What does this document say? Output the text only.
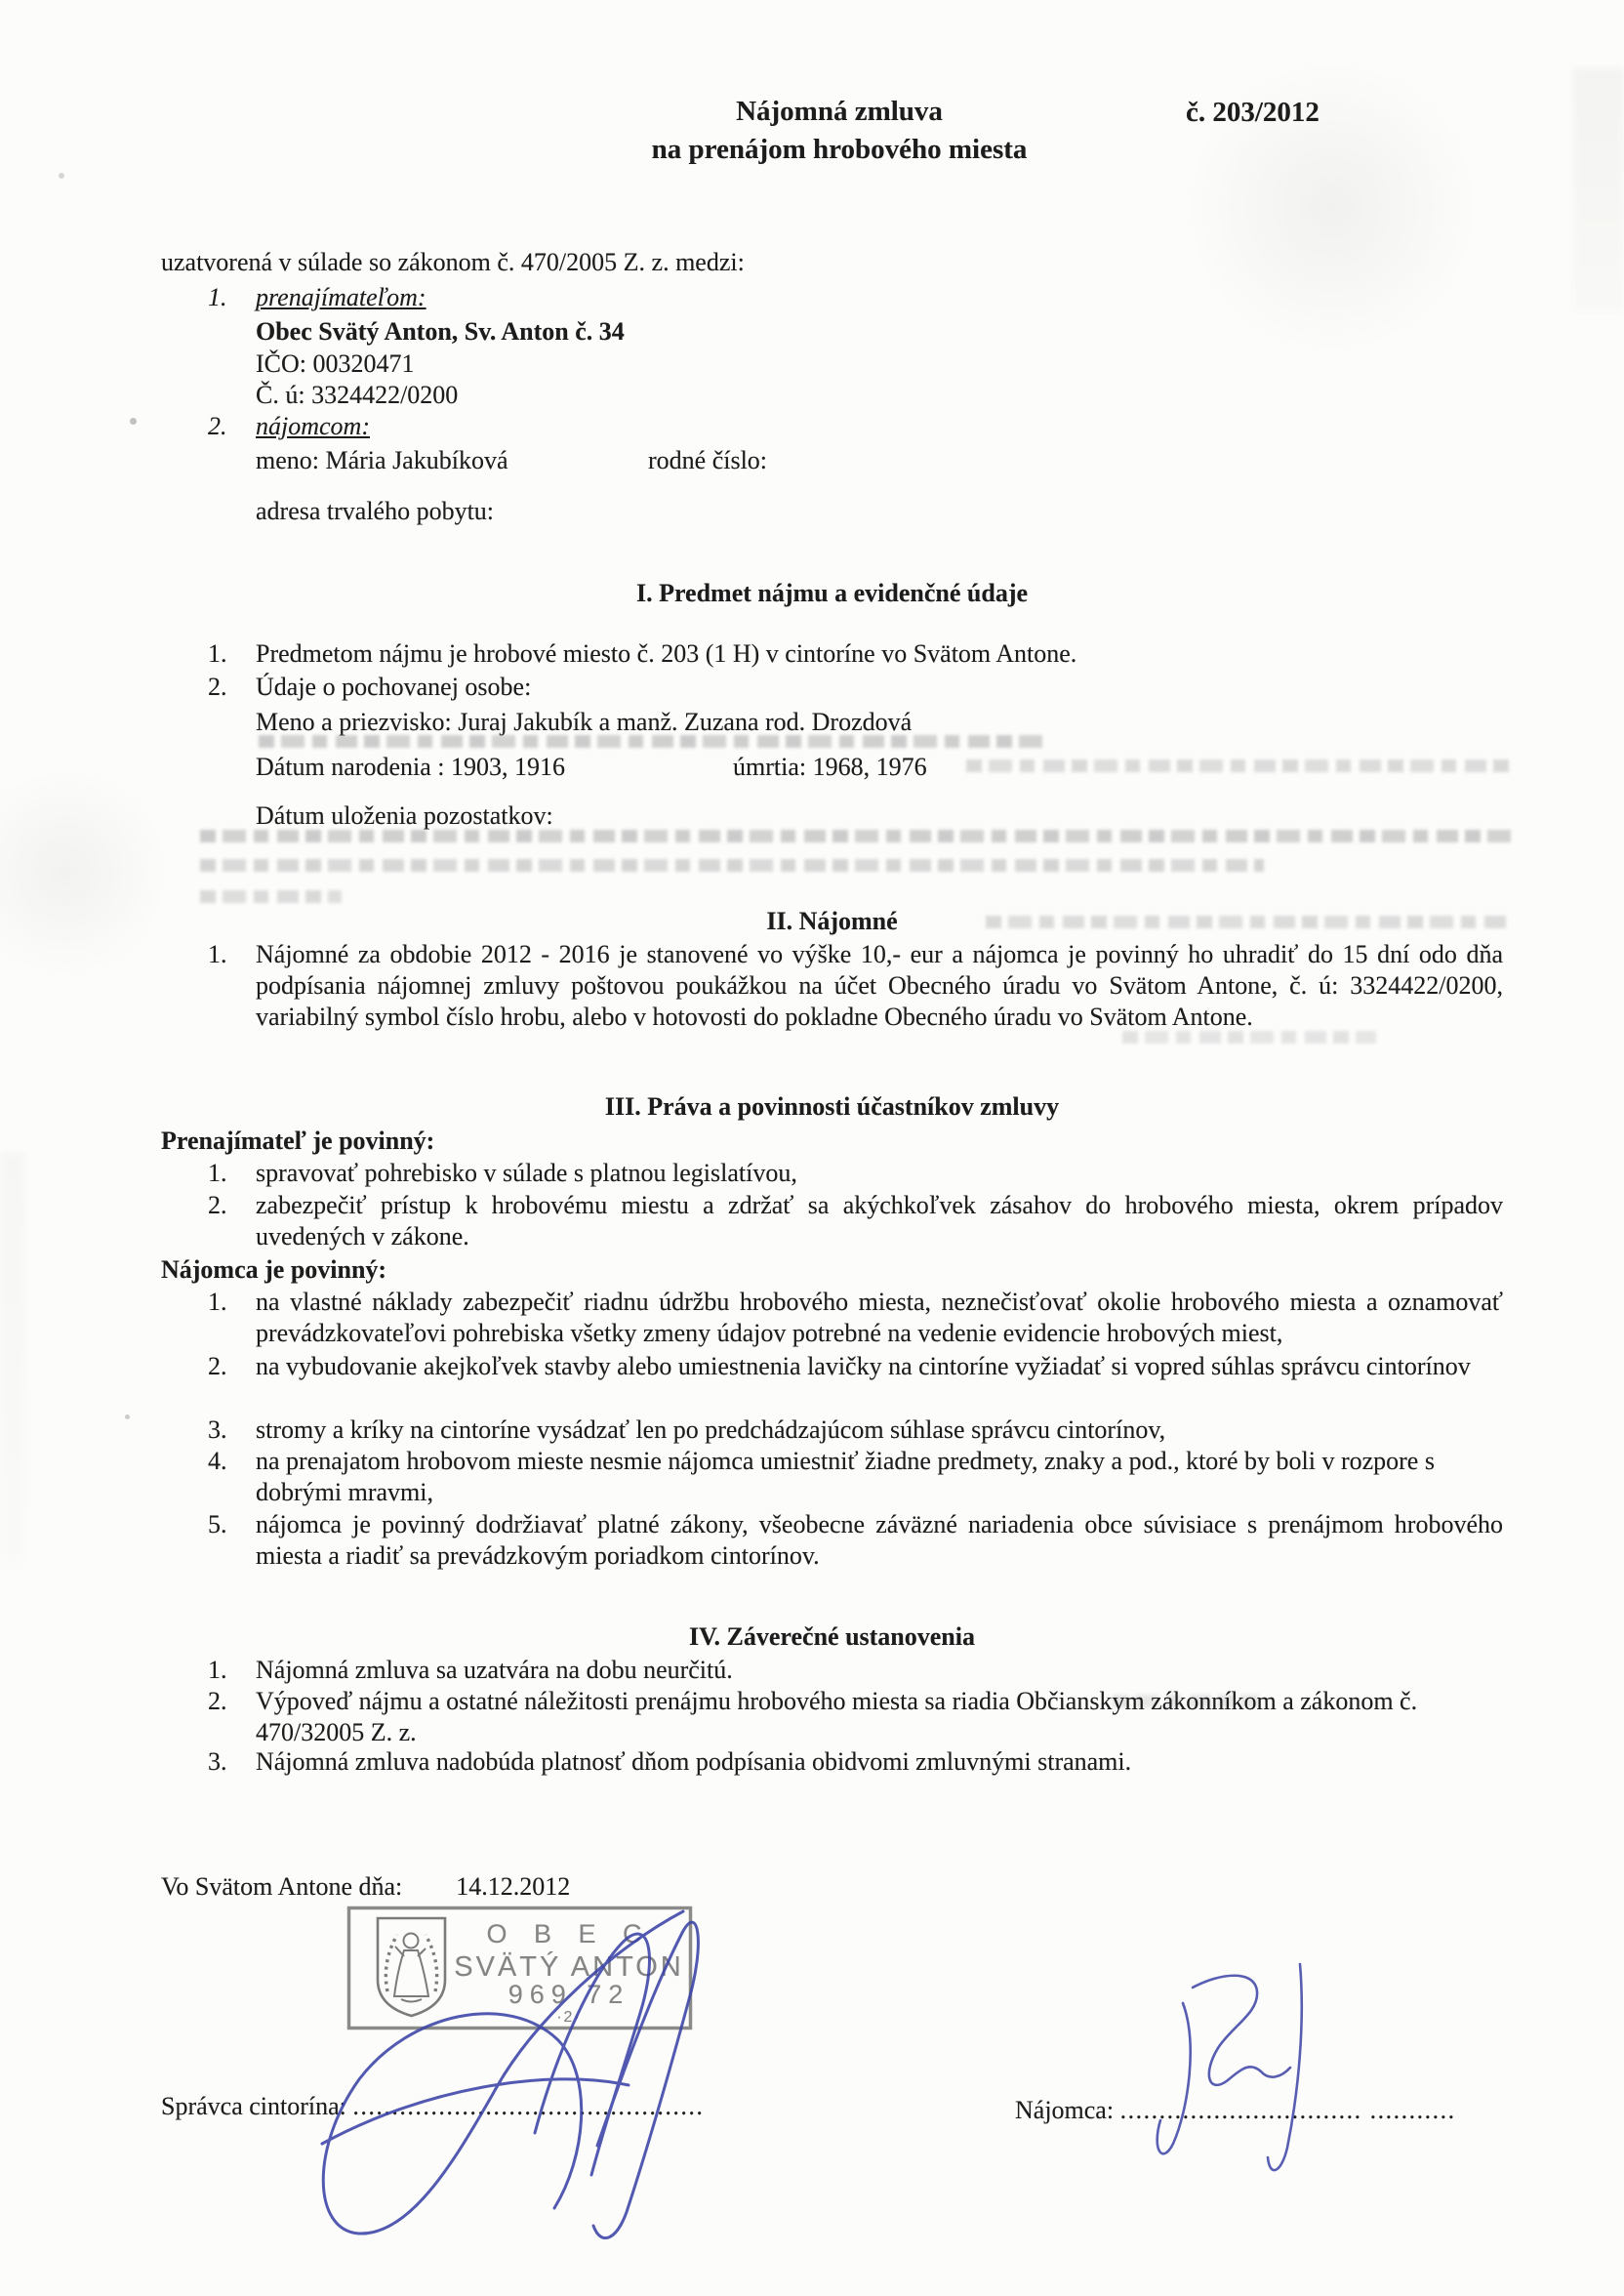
Nájomná zmluva
na prenájom hrobového miesta
č. 203/2012
uzatvorená v súlade so zákonom č. 470/2005 Z. z. medzi:
1.	prenajímateľom:
Obec Svätý Anton, Sv. Anton č. 34
IČO: 00320471
Č. ú: 3324422/0200
2.	nájomcom:
meno: Mária Jakubíková	rodné číslo:
adresa trvalého pobytu:
I. Predmet nájmu a evidenčné údaje
1.	Predmetom nájmu je hrobové miesto č. 203 (1 H) v cintoríne vo Svätom Antone.
2.	Údaje o pochovanej osobe:
Meno a priezvisko: Juraj Jakubík a manž. Zuzana rod. Drozdová
Dátum narodenia : 1903, 1916	úmrtia: 1968, 1976
Dátum uloženia pozostatkov:
II. Nájomné
1.	Nájomné za obdobie 2012 - 2016 je stanovené vo výške 10,- eur a nájomca je povinný ho uhradiť do 15 dní odo dňa podpísania nájomnej zmluvy poštovou poukážkou na účet Obecného úradu vo Svätom Antone, č. ú: 3324422/0200, variabilný symbol číslo hrobu, alebo v hotovosti do pokladne Obecného úradu vo Svätom Antone.
III. Práva a povinnosti účastníkov zmluvy
Prenajímateľ je povinný:
1.	spravovať pohrebisko v súlade s platnou legislatívou,
2.	zabezpečiť prístup k hrobovému miestu a zdržať sa akýchkoľvek zásahov do hrobového miesta, okrem prípadov uvedených v zákone.
Nájomca je povinný:
1.	na vlastné náklady zabezpečiť riadnu údržbu hrobového miesta, neznečisťovať okolie hrobového miesta a oznamovať prevádzkovateľovi pohrebiska všetky zmeny údajov potrebné na vedenie evidencie hrobových miest,
2.	na vybudovanie akejkoľvek stavby alebo umiestnenia lavičky na cintoríne vyžiadať si vopred súhlas správcu cintorínov
3.	stromy a kríky na cintoríne vysádzať len po predchádzajúcom súhlase správcu cintorínov,
4.	na prenajatom hrobovom mieste nesmie nájomca umiestniť žiadne predmety, znaky a pod., ktoré by boli v rozpore s dobrými mravmi,
5.	nájomca je povinný dodržiavať platné zákony, všeobecne záväzné nariadenia obce súvisiace s prenájmom hrobového miesta a riadiť sa prevádzkovým poriadkom cintorínov.
IV. Záverečné ustanovenia
1.	Nájomná zmluva sa uzatvára na dobu neurčitú.
2.	Výpoveď nájmu a ostatné náležitosti prenájmu hrobového miesta sa riadia Občianskym zákonníkom a zákonom č. 470/32005 Z. z.
3.	Nájomná zmluva nadobúda platnosť dňom podpísania obidvomi zmluvnými stranami.
Vo Svätom Antone dňa: 14.12.2012
O B E C
SVÄTÝ ANTON
969 72
·2·
Správca cintorína: .............................................	Nájomca: ............................... ...........
